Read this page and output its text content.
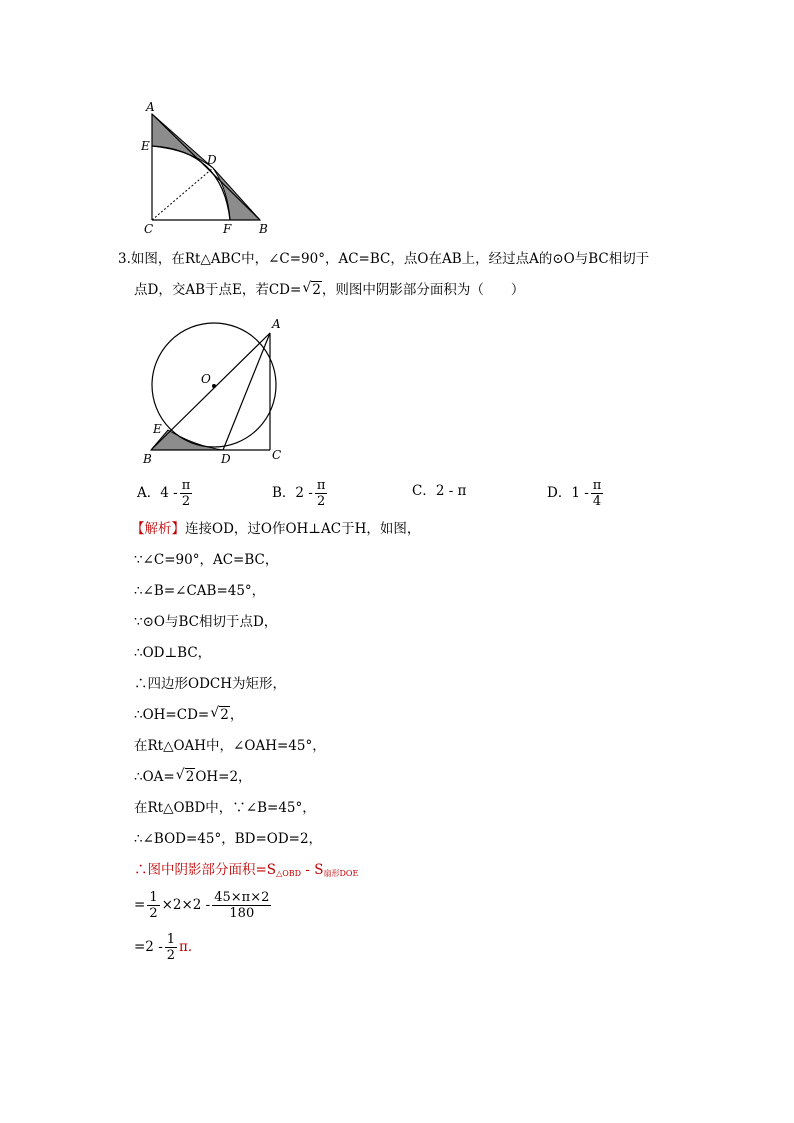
A
E
D
C	F B
3.如图，在Rt△ABC中，∠C=90°，AC=BC，点O在AB上，经过点A的⊙O与BC相切于
点D，交AB于点E，若CD= √ 2，则图中阴影部分面积为（　　）
A
O
E
B	D	C
A．$4 - \frac{\pi}{2}$	B．$2 - \frac{\pi}{2}$	C．2 - π	D．$1 - \frac{\pi}{4}$
【解析】连接OD，过O作OH⊥AC于H，如图，
∵∠C=90°，AC=BC，
∴∠B=∠CAB=45°，
∵⊙O与BC相切于点D，
∴OD⊥BC，
∴四边形ODCH为矩形，
∴OH=CD= √ 2，
在Rt△OAH中，∠OAH=45°，
∴OA= √ 2OH=2，
在Rt△OBD中，∵∠B=45°，
∴∠BOD=45°，BD=OD=2，
∴图中阴影部分面积$=S_{\triangle OBD} - S_{扇形DOE}$
= $\frac{1}{2} \times 2\times 2 - \frac{45\times\pi\times 2}{180}$
$=2 - \frac{1}{2}$ π．
